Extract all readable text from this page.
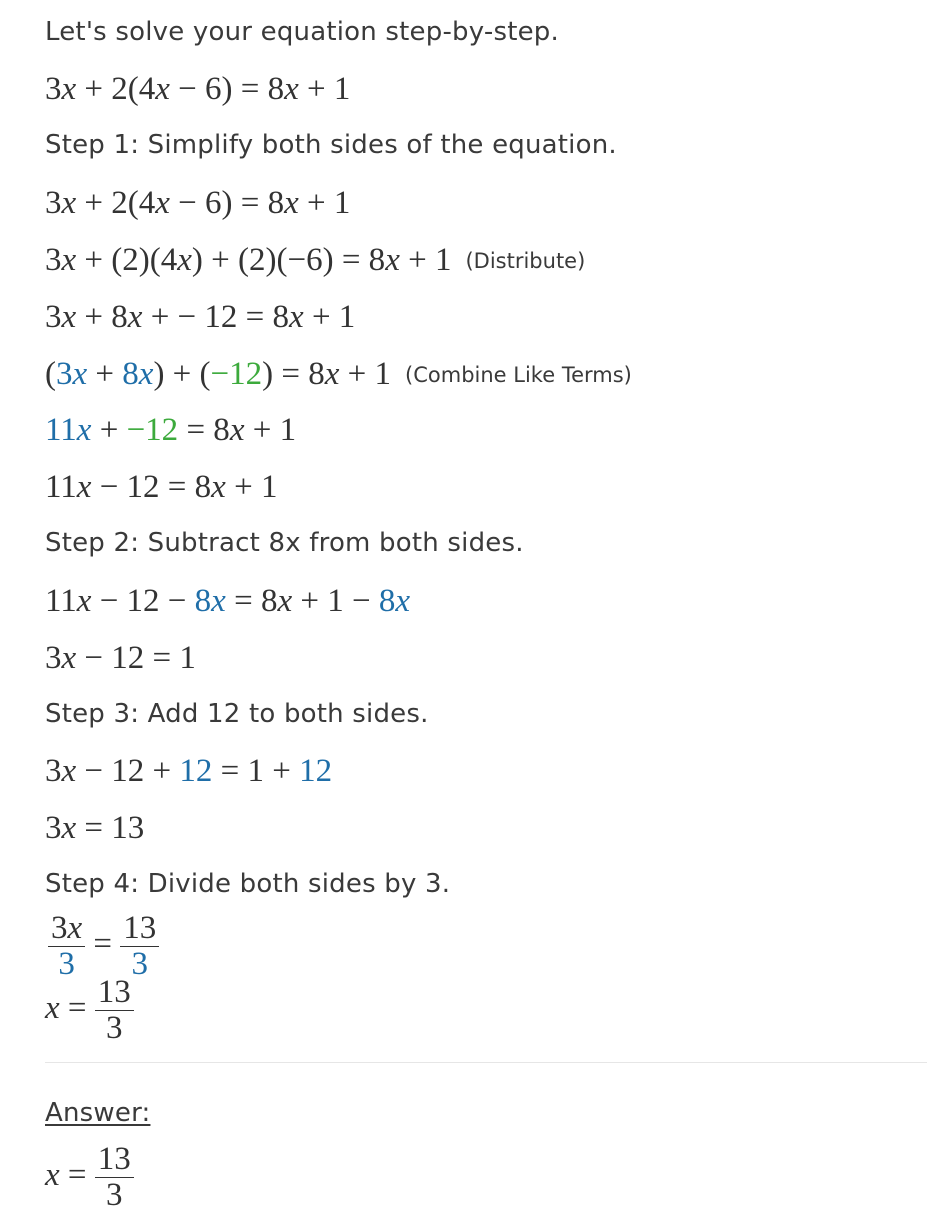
Let's solve your equation step-by-step.
3x + 2(4x − 6) = 8x + 1
Step 1: Simplify both sides of the equation.
3x + 2(4x − 6) = 8x + 1
3x + (2)(4x) + (2)(−6) = 8x + 1 (Distribute)
3x + 8x + − 12 = 8x + 1
(3x + 8x) + (−12) = 8x + 1 (Combine Like Terms)
11x + −12 = 8x + 1
11x − 12 = 8x + 1
Step 2: Subtract 8x from both sides.
11x − 12 − 8x = 8x + 1 − 8x
3x − 12 = 1
Step 3: Add 12 to both sides.
3x − 12 + 12 = 1 + 12
3x = 13
Step 4: Divide both sides by 3.
$\frac{3x}{3} = \frac{13}{3}$
$x = \frac{13}{3}$
Answer:
$x = \frac{13}{3}$
